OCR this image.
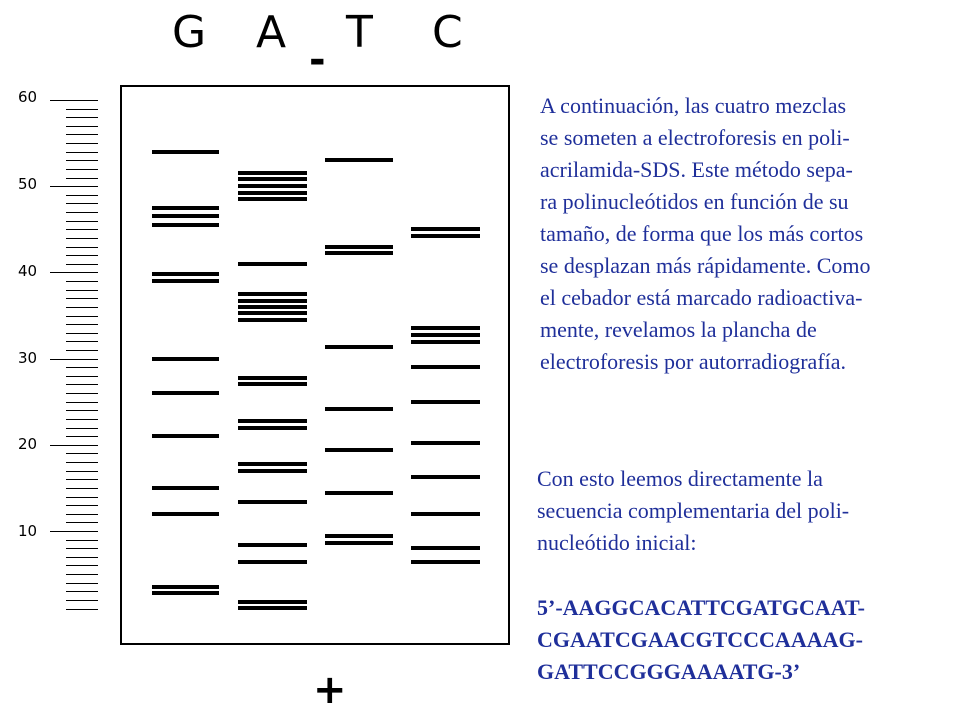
G A T C
-
+
60
50
40
30
20
10
A continuación, las cuatro mezclas
se someten a electroforesis en poli-
acrilamida-SDS. Este método sepa-
ra polinucleótidos en función de su
tamaño, de forma que los más cortos
se desplazan más rápidamente. Como
el cebador está marcado radioactiva-
mente, revelamos la plancha de
electroforesis por autorradiografía.
Con esto leemos directamente la
secuencia complementaria del poli-
nucleótido inicial:
5’-AAGGCACATTCGATGCAAT-
CGAATCGAACGTCCCAAAAG-
GATTCCGGGAAAATG-3’
